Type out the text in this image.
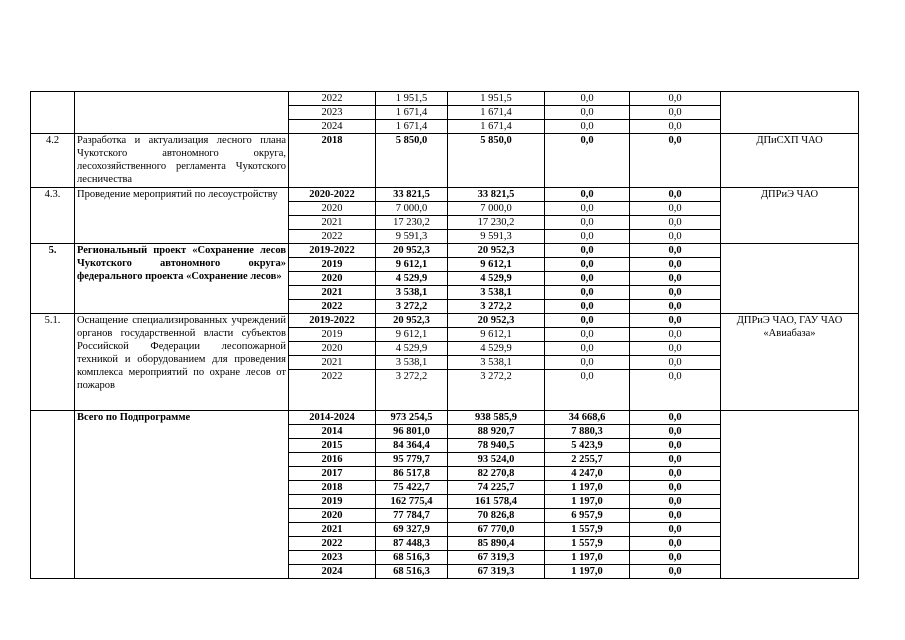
		2022	1 951,5	1 951,5	0,0	0,0	
		2023	1 671,4	1 671,4	0,0	0,0	
		2024	1 671,4	1 671,4	0,0	0,0	
4.2	Разработка и актуализация лесного плана Чукотского автономного округа, лесохозяйственного регламента Чукотского лесничества	2018	5 850,0	5 850,0	0,0	0,0	ДПиСХП ЧАО
4.3.	Проведение мероприятий по лесоустройству	2020-2022	33 821,5	33 821,5	0,0	0,0	ДПРиЭ ЧАО
		2020	7 000,0	7 000,0	0,0	0,0	
		2021	17 230,2	17 230,2	0,0	0,0	
		2022	9 591,3	9 591,3	0,0	0,0	
5.	Региональный проект «Сохранение лесов Чукотского автономного округа» федерального проекта «Сохранение лесов»	2019-2022	20 952,3	20 952,3	0,0	0,0	
		2019	9 612,1	9 612,1	0,0	0,0	
		2020	4 529,9	4 529,9	0,0	0,0	
		2021	3 538,1	3 538,1	0,0	0,0	
		2022	3 272,2	3 272,2	0,0	0,0	
5.1.	Оснащение специализированных учреждений органов государственной власти субъектов Российской Федерации лесопожарной техникой и оборудованием для проведения комплекса мероприятий по охране лесов от пожаров	2019-2022	20 952,3	20 952,3	0,0	0,0	ДПРиЭ ЧАО, ГАУ ЧАО
«Авиабаза»

		2019	9 612,1	9 612,1	0,0	0,0	
		2020	4 529,9	4 529,9	0,0	0,0	
		2021	3 538,1	3 538,1	0,0	0,0	
		2022	3 272,2	3 272,2	0,0	0,0	
	Всего по Подпрограмме	2014-2024	973 254,5	938 585,9	34 668,6	0,0	
		2014	96 801,0	88 920,7	7 880,3	0,0	
		2015	84 364,4	78 940,5	5 423,9	0,0	
		2016	95 779,7	93 524,0	2 255,7	0,0	
		2017	86 517,8	82 270,8	4 247,0	0,0	
		2018	75 422,7	74 225,7	1 197,0	0,0	
		2019	162 775,4	161 578,4	1 197,0	0,0	
		2020	77 784,7	70 826,8	6 957,9	0,0	
		2021	69 327,9	67 770,0	1 557,9	0,0	
		2022	87 448,3	85 890,4	1 557,9	0,0	
		2023	68 516,3	67 319,3	1 197,0	0,0	
		2024	68 516,3	67 319,3	1 197,0	0,0	
